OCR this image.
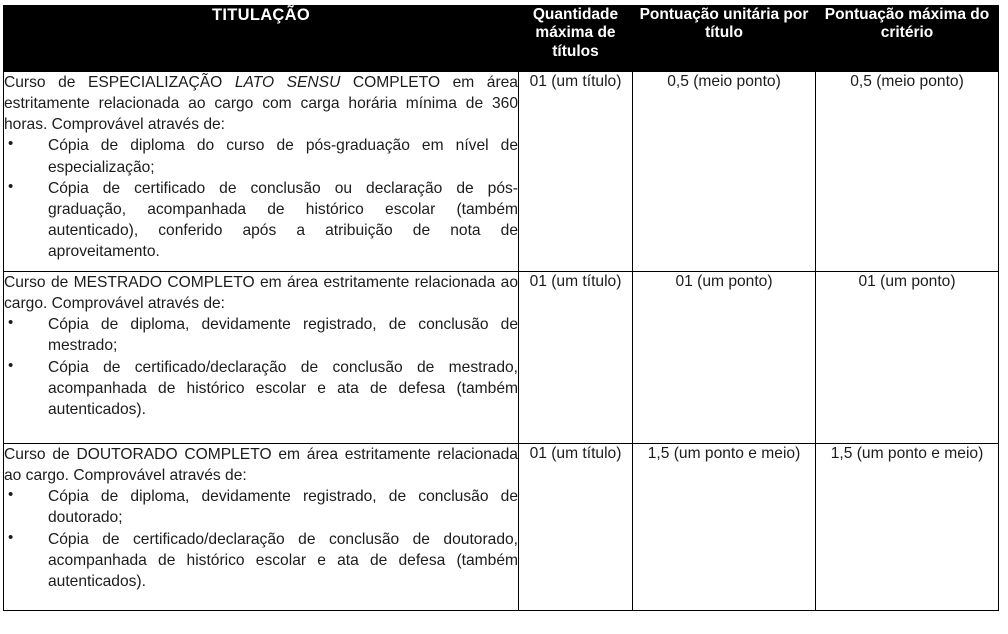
TITULAÇÃO	Quantidade máxima de títulos	Pontuação unitária por título	Pontuação máxima do critério

Curso de ESPECIALIZAÇÃO LATO SENSU COMPLETO em área estritamente relacionada ao cargo com carga horária mínima de 360 horas. Comprovável através de:

• Cópia de diploma do curso de pós-graduação em nível de especialização;

• Cópia de certificado de conclusão ou declaração de pós-graduação, acompanhada de histórico escolar (também autenticado), conferido após a atribuição de nota de aproveitamento.	01 (um título)	0,5 (meio ponto)	0,5 (meio ponto)

Curso de MESTRADO COMPLETO em área estritamente relacionada ao cargo. Comprovável através de:

• Cópia de diploma, devidamente registrado, de conclusão de mestrado;

• Cópia de certificado/declaração de conclusão de mestrado, acompanhada de histórico escolar e ata de defesa (também autenticados).	01 (um título)	01 (um ponto)	01 (um ponto)

Curso de DOUTORADO COMPLETO em área estritamente relacionada ao cargo. Comprovável através de:

• Cópia de diploma, devidamente registrado, de conclusão de doutorado;

• Cópia de certificado/declaração de conclusão de doutorado, acompanhada de histórico escolar e ata de defesa (também autenticados).	01 (um título)	1,5 (um ponto e meio)	1,5 (um ponto e meio)
